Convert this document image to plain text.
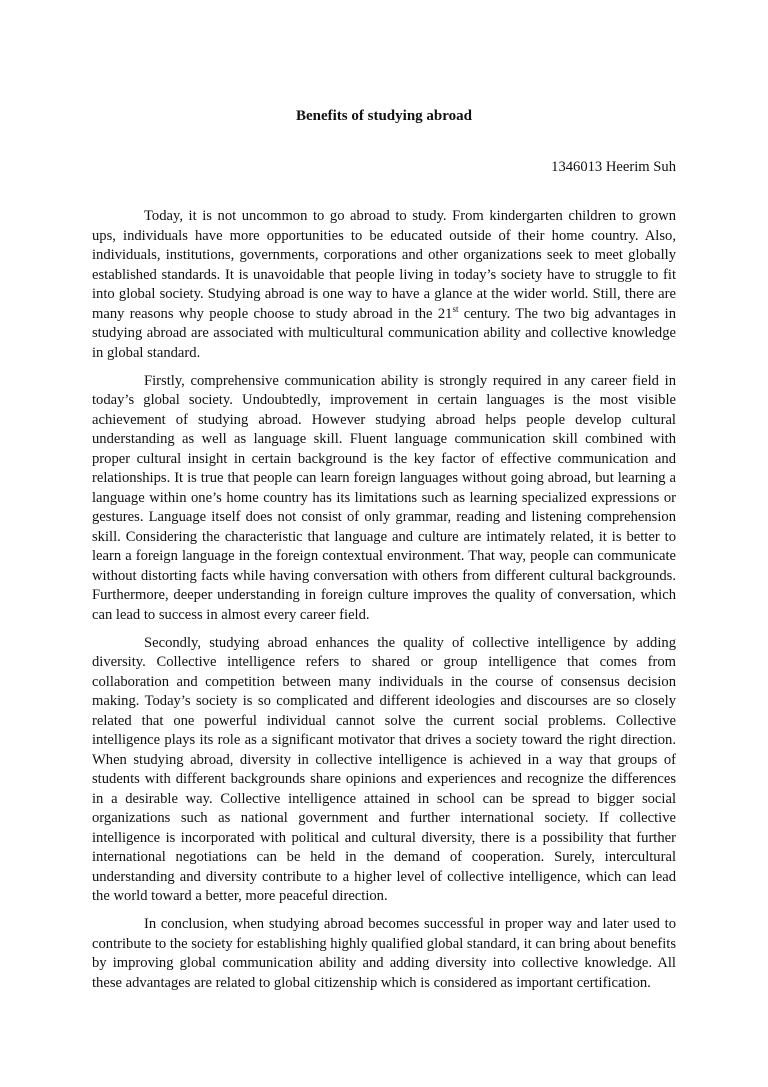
Benefits of studying abroad
1346013 Heerim Suh

Today, it is not uncommon to go abroad to study. From kindergarten children to grown ups, individuals have more opportunities to be educated outside of their home country. Also, individuals, institutions, governments, corporations and other organizations seek to meet globally established standards. It is unavoidable that people living in today’s society have to struggle to fit into global society. Studying abroad is one way to have a glance at the wider world. Still, there are many reasons why people choose to study abroad in the 21st century. The two big advantages in studying abroad are associated with multicultural communication ability and collective knowledge in global standard.

Firstly, comprehensive communication ability is strongly required in any career field in today’s global society. Undoubtedly, improvement in certain languages is the most visible achievement of studying abroad. However studying abroad helps people develop cultural understanding as well as language skill. Fluent language communication skill combined with proper cultural insight in certain background is the key factor of effective communication and relationships. It is true that people can learn foreign languages without going abroad, but learning a language within one’s home country has its limitations such as learning specialized expressions or gestures. Language itself does not consist of only grammar, reading and listening comprehension skill. Considering the characteristic that language and culture are intimately related, it is better to learn a foreign language in the foreign contextual environment. That way, people can communicate without distorting facts while having conversation with others from different cultural backgrounds. Furthermore, deeper understanding in foreign culture improves the quality of conversation, which can lead to success in almost every career field.

Secondly, studying abroad enhances the quality of collective intelligence by adding diversity. Collective intelligence refers to shared or group intelligence that comes from collaboration and competition between many individuals in the course of consensus decision making. Today’s society is so complicated and different ideologies and discourses are so closely related that one powerful individual cannot solve the current social problems. Collective intelligence plays its role as a significant motivator that drives a society toward the right direction. When studying abroad, diversity in collective intelligence is achieved in a way that groups of students with different backgrounds share opinions and experiences and recognize the differences in a desirable way. Collective intelligence attained in school can be spread to bigger social organizations such as national government and further international society. If collective intelligence is incorporated with political and cultural diversity, there is a possibility that further international negotiations can be held in the demand of cooperation. Surely, intercultural understanding and diversity contribute to a higher level of collective intelligence, which can lead the world toward a better, more peaceful direction.

In conclusion, when studying abroad becomes successful in proper way and later used to contribute to the society for establishing highly qualified global standard, it can bring about benefits by improving global communication ability and adding diversity into collective knowledge. All these advantages are related to global citizenship which is considered as important certification.
